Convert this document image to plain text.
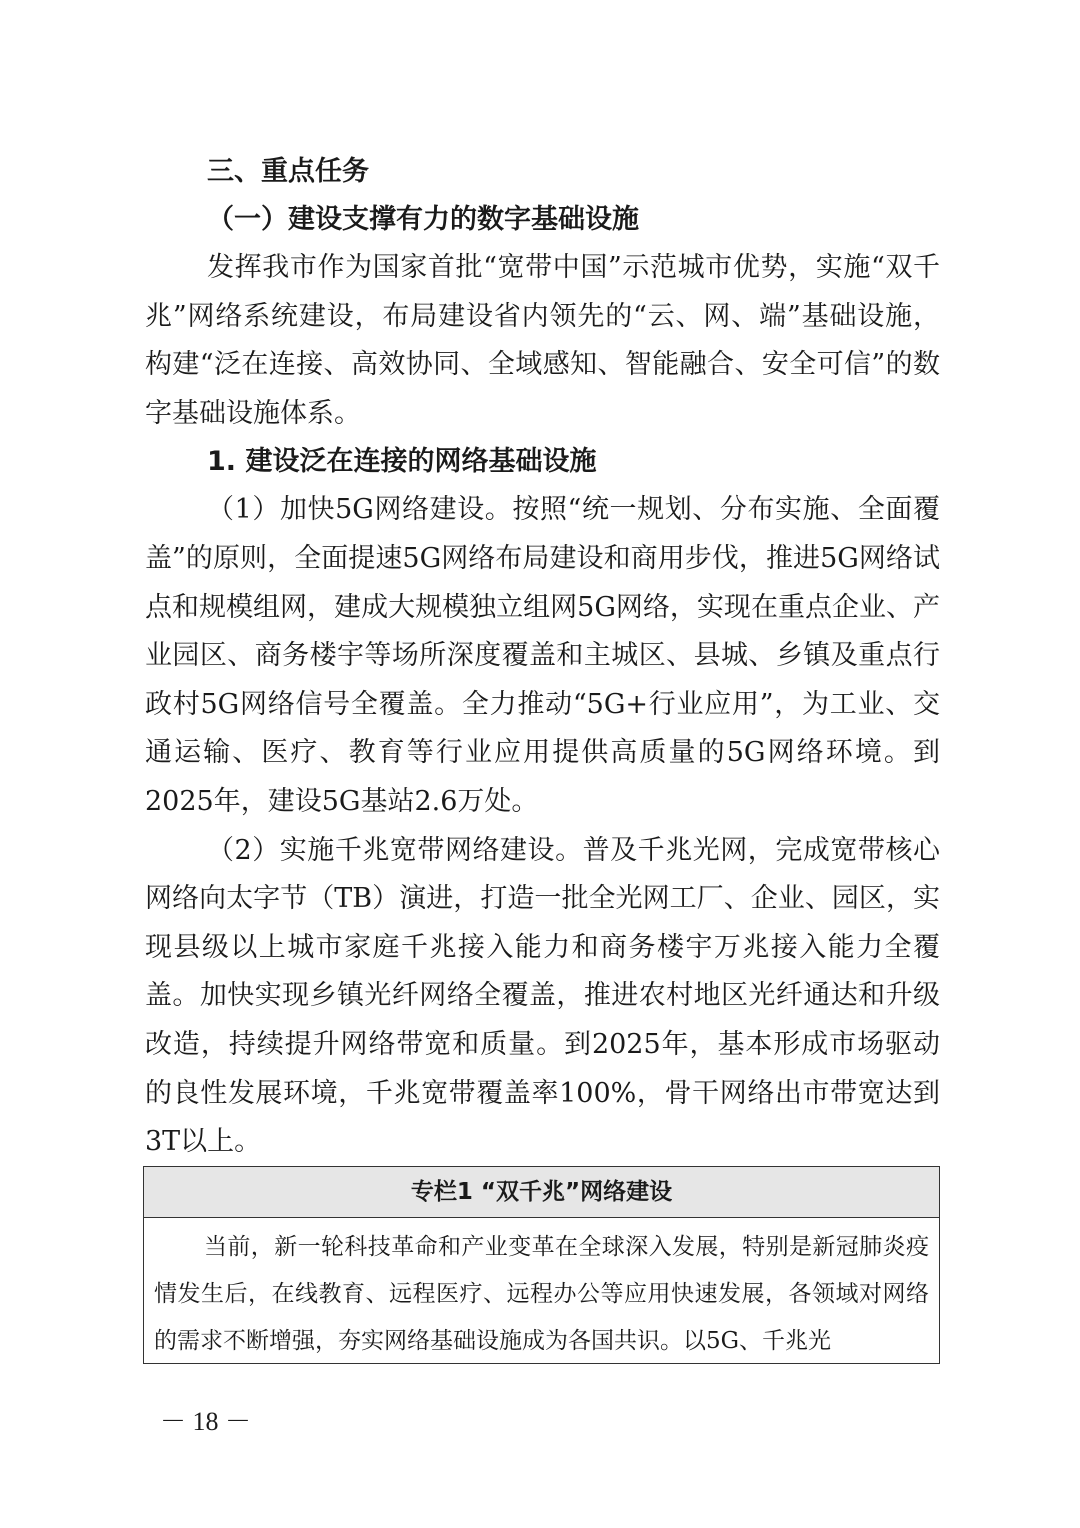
三、重点任务
（一）建设支撑有力的数字基础设施

发挥我市作为国家首批“宽带中国”示范城市优势，实施“双千兆”网络系统建设，布局建设省内领先的“云、网、端”基础设施，构建“泛在连接、高效协同、全域感知、智能融合、安全可信”的数字基础设施体系。

1. 建设泛在连接的网络基础设施

（1）加快5G网络建设。按照“统一规划、分布实施、全面覆盖”的原则，全面提速5G网络布局建设和商用步伐，推进5G网络试点和规模组网，建成大规模独立组网5G网络，实现在重点企业、产业园区、商务楼宇等场所深度覆盖和主城区、县城、乡镇及重点行政村5G网络信号全覆盖。全力推动“5G+行业应用”，为工业、交通运输、医疗、教育等行业应用提供高质量的5G网络环境。到2025年，建设5G基站2.6万处。

（2）实施千兆宽带网络建设。普及千兆光网，完成宽带核心网络向太字节（TB）演进，打造一批全光网工厂、企业、园区，实现县级以上城市家庭千兆接入能力和商务楼宇万兆接入能力全覆盖。加快实现乡镇光纤网络全覆盖，推进农村地区光纤通达和升级改造，持续提升网络带宽和质量。到2025年，基本形成市场驱动的良性发展环境，千兆宽带覆盖率100%，骨干网络出市带宽达到3T以上。

专栏1 “双千兆”网络建设
当前，新一轮科技革命和产业变革在全球深入发展，特别是新冠肺炎疫情发生后，在线教育、远程医疗、远程办公等应用快速发展，各领域对网络的需求不断增强，夯实网络基础设施成为各国共识。以5G、千兆光
－ 18 －
